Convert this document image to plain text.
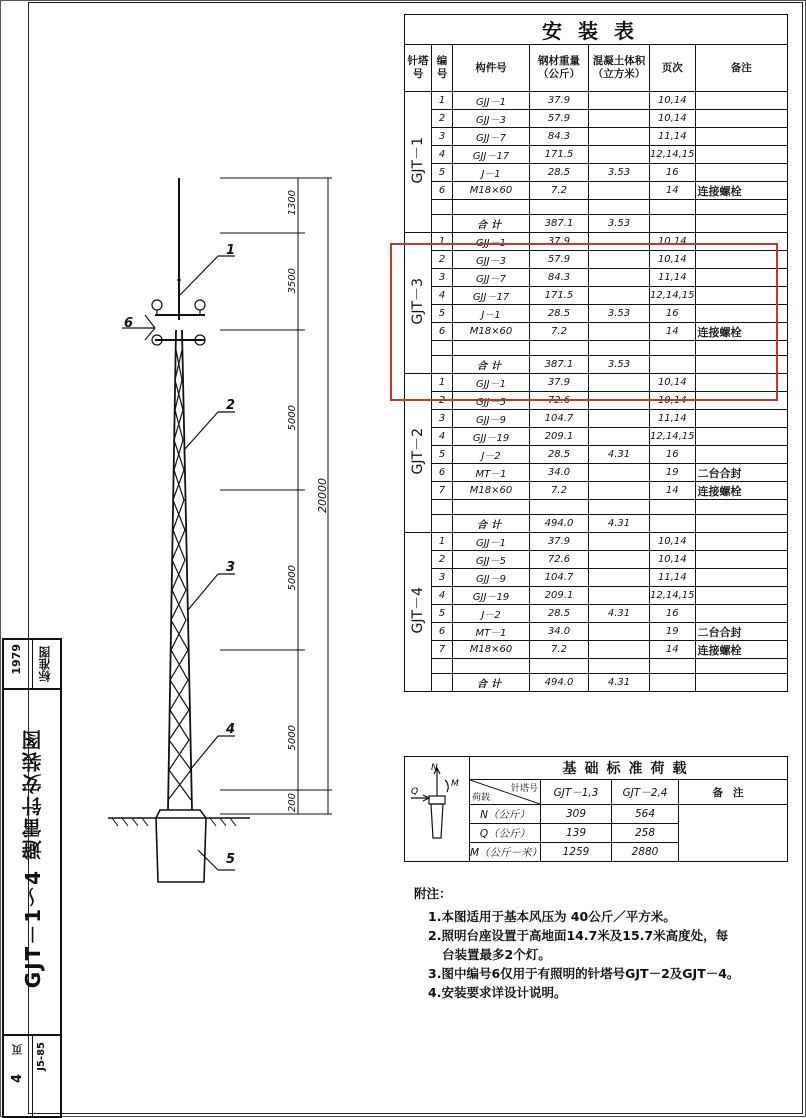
标准图
1979
GJT－1～4 避雷针安装图
J5-85
页
4
1
2
3
4
5
6
1300
3500
5000
5000
5000
200
20000
安装表						
针塔号	编号	构件号	钢材重量（公斤）	混凝土体积（立方米）	页次	备注
GJT－1	1	GJJ－1	37.9		10,14	
	2	GJJ－3	57.9		10,14	
	3	GJJ－7	84.3		11,14	
	4	GJJ－17	171.5		12,14,15	
	5	J－1	28.5	3.53	16	
	6	M18×60	7.2		14	连接螺栓

		合计	387.1	3.53		
GJT－3	1	GJJ－1	37.9		10,14	
	2	GJJ－3	57.9		10,14	
	3	GJJ－7	84.3		11,14	
	4	GJJ－17	171.5		12,14,15	
	5	J－1	28.5	3.53	16	
	6	M18×60	7.2		14	连接螺栓

		合计	387.1	3.53		
GJT－2	1	GJJ－1	37.9		10,14	
	2	GJJ－5	72.6		10,14	
	3	GJJ－9	104.7		11,14	
	4	GJJ－19	209.1		12,14,15	
	5	J－2	28.5	4.31	16	
	6	MT－1	34.0		19	二台合封
	7	M18×60	7.2		14	连接螺栓

		合计	494.0	4.31		
GJT－4	1	GJJ－1	37.9		10,14	
	2	GJJ－5	72.6		10,14	
	3	GJJ－9	104.7		11,14	
	4	GJJ－19	209.1		12,14,15	
	5	J－2	28.5	4.31	16	
	6	MT－1	34.0		19	二台合封
	7	M18×60	7.2		14	连接螺栓

		合计	494.0	4.31		
N
M
Q	基础标准荷载			

	针塔号
荷载	GJT－1,3	GJT－2,4	备注
	N（公斤）	309	564	
	Q（公斤）	139	258	
	M（公斤－米）	1259	2880	

附注：

1.本图适用于基本风压为 40公斤／平方米。

2.照明台座设置于高地面14.7米及15.7米高度处，每

台装置最多2个灯。

3.图中编号6仅用于有照明的针塔号GJT－2及GJT－4。

4.安装要求详设计说明。
